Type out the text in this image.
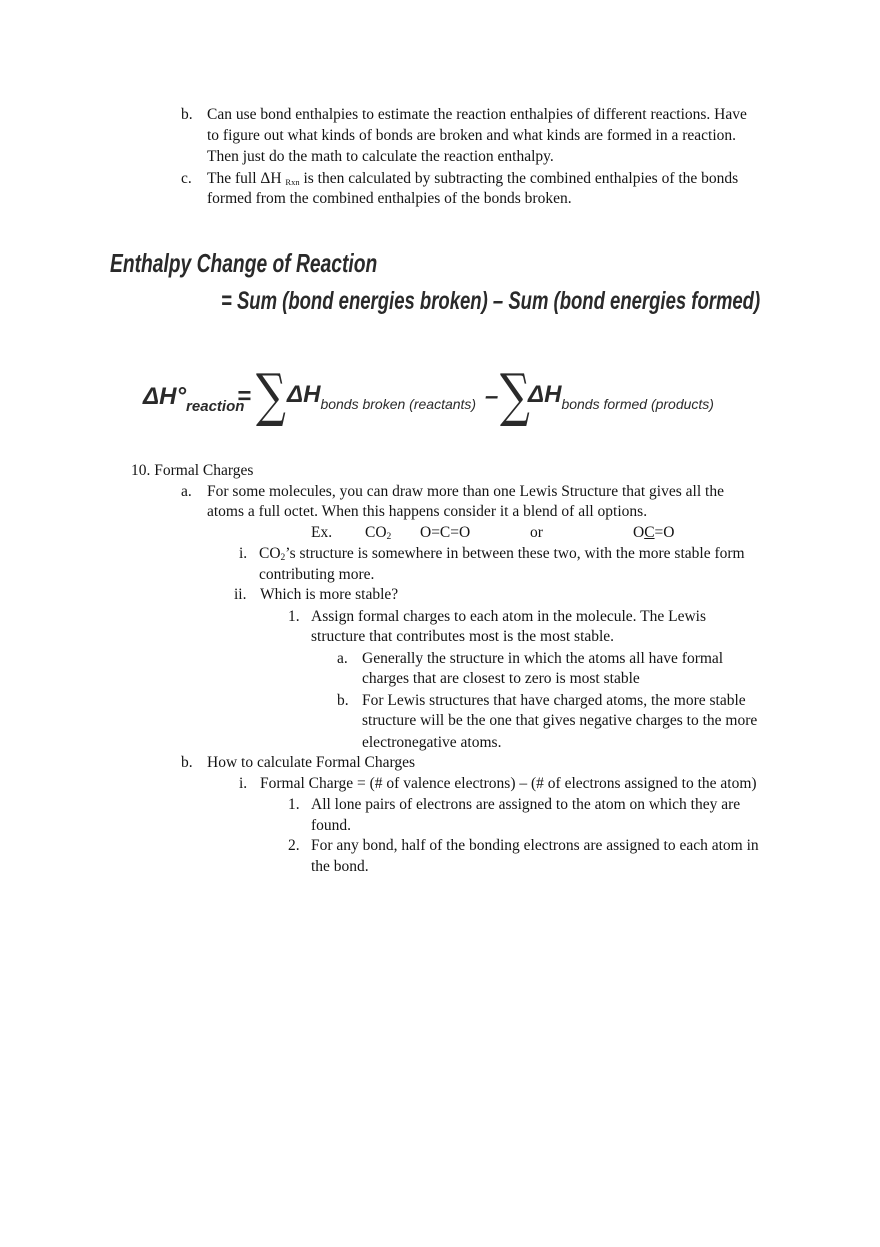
b. Can use bond enthalpies to estimate the reaction enthalpies of different reactions. Have
to figure out what kinds of bonds are broken and what kinds are formed in a reaction.
Then just do the math to calculate the reaction enthalpy.
c. The full ΔH $_{Rxn}$ is then calculated by subtracting the combined enthalpies of the bonds
formed from the combined enthalpies of the bonds broken.
Enthalpy Change of Reaction
= Sum (bond energies broken) – Sum (bond energies formed)
$\Delta H^\circ_{reaction}$
= ∑ $\Delta H_{bonds broken (reactants)}$ – ∑
$\Delta H_{bonds formed (products)}$
10. Formal Charges
a. For some molecules, you can draw more than one Lewis Structure that gives all the
atoms a full octet. When this happens consider it a blend of all options.
Ex. CO2 O=C=O	or	OC=O
i. CO2’s structure is somewhere in between these two, with the more stable form
contributing more.
ii. Which is more stable?
1. Assign formal charges to each atom in the molecule. The Lewis
structure that contributes most is the most stable.
a. Generally the structure in which the atoms all have formal
charges that are closest to zero is most stable
b. For Lewis structures that have charged atoms, the more stable
structure will be the one that gives negative charges to the more
electronegative atoms.
b. How to calculate Formal Charges
i. Formal Charge = (# of valence electrons) – (# of electrons assigned to the atom)
1. All lone pairs of electrons are assigned to the atom on which they are
found.
2. For any bond, half of the bonding electrons are assigned to each atom in
the bond.
